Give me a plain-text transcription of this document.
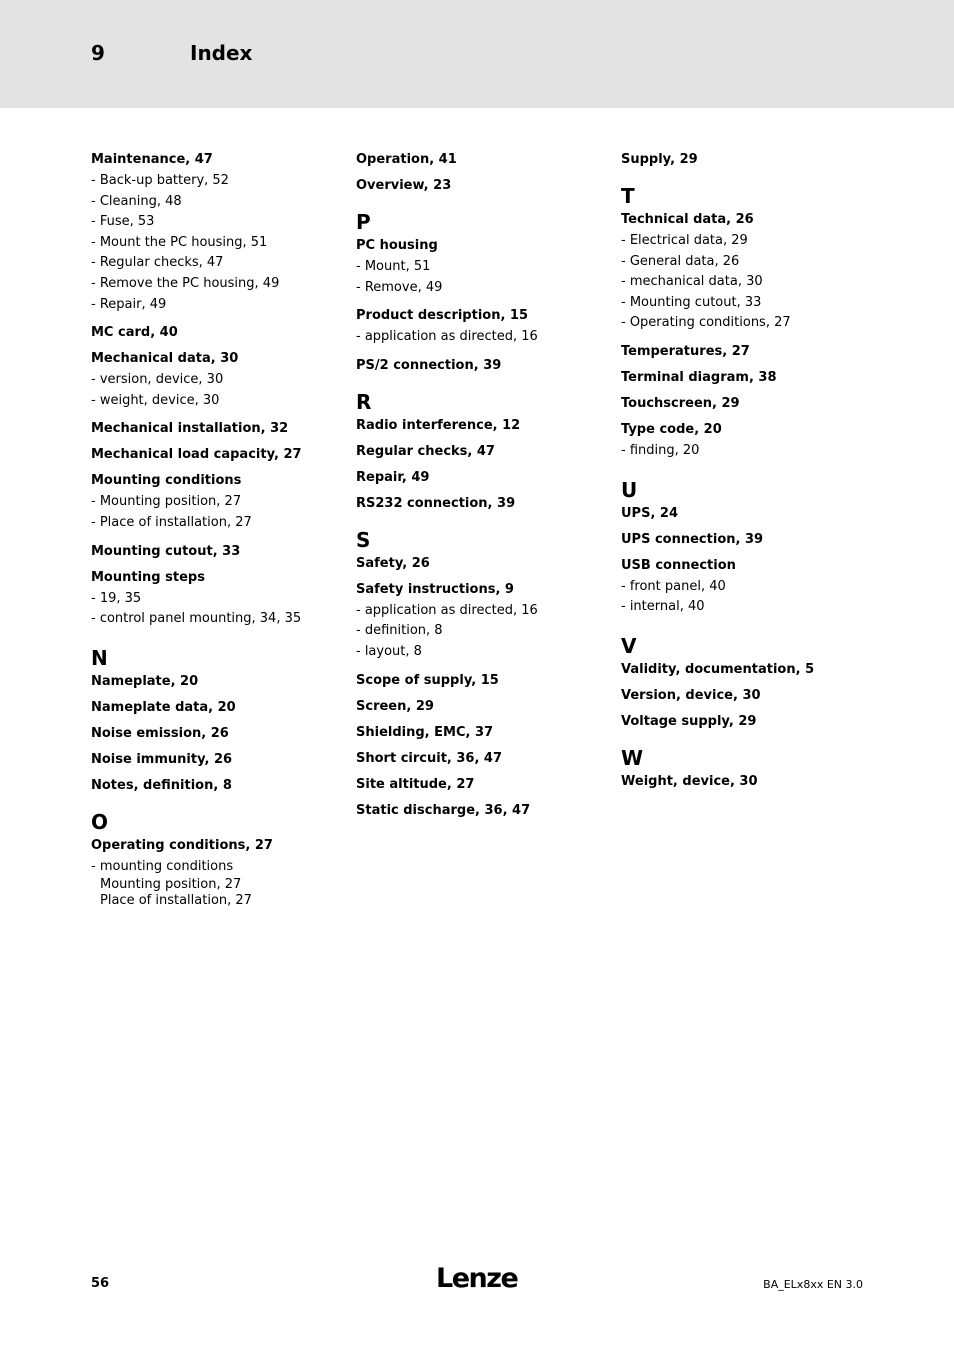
9	Index
Maintenance, 47
- Back-up battery, 52
- Cleaning, 48
- Fuse, 53
- Mount the PC housing, 51
- Regular checks, 47
- Remove the PC housing, 49
- Repair, 49
MC card, 40
Mechanical data, 30
- version, device, 30
- weight, device, 30
Mechanical installation, 32
Mechanical load capacity, 27
Mounting conditions
- Mounting position, 27
- Place of installation, 27
Mounting cutout, 33
Mounting steps
- 19, 35
- control panel mounting, 34, 35
N
Nameplate, 20
Nameplate data, 20
Noise emission, 26
Noise immunity, 26
Notes, definition, 8
O
Operating conditions, 27
- mounting conditions
Mounting position, 27
Place of installation, 27
Operation, 41
Overview, 23
P
PC housing
- Mount, 51
- Remove, 49
Product description, 15
- application as directed, 16
PS/2 connection, 39
R
Radio interference, 12
Regular checks, 47
Repair, 49
RS232 connection, 39
S
Safety, 26
Safety instructions, 9
- application as directed, 16
- definition, 8
- layout, 8
Scope of supply, 15
Screen, 29
Shielding, EMC, 37
Short circuit, 36, 47
Site altitude, 27
Static discharge, 36, 47
Supply, 29
T
Technical data, 26
- Electrical data, 29
- General data, 26
- mechanical data, 30
- Mounting cutout, 33
- Operating conditions, 27
Temperatures, 27
Terminal diagram, 38
Touchscreen, 29
Type code, 20
- finding, 20
U
UPS, 24
UPS connection, 39
USB connection
- front panel, 40
- internal, 40
V
Validity, documentation, 5
Version, device, 30
Voltage supply, 29
W
Weight, device, 30
56	Lenze	BA_ELx8xx EN 3.0
